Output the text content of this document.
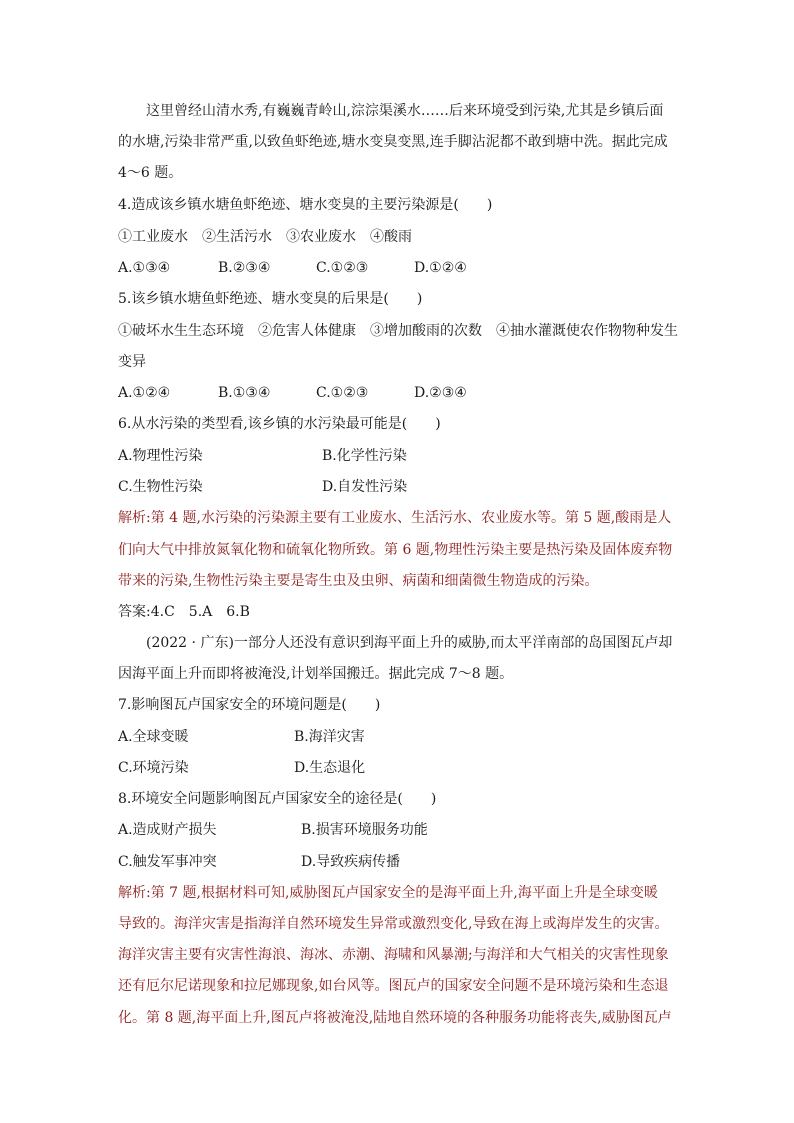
这里曾经山清水秀,有巍巍青岭山,淙淙渠溪水……后来环境受到污染,尤其是乡镇后面
的水塘,污染非常严重,以致鱼虾绝迹,塘水变臭变黑,连手脚沾泥都不敢到塘中洗。据此完成
4～6 题。
4.造成该乡镇水塘鱼虾绝迹、塘水变臭的主要污染源是(　　)
①工业废水　②生活污水　③农业废水　④酸雨
A.①③④	B.②③④	C.①②③	D.①②④
5.该乡镇水塘鱼虾绝迹、塘水变臭的后果是(　　)
①破坏水生生态环境　②危害人体健康　③增加酸雨的次数　④抽水灌溉使农作物物种发生
变异
A.①②④	B.①③④	C.①②③	D.②③④
6.从水污染的类型看,该乡镇的水污染最可能是(　　)
A.物理性污染	B.化学性污染
C.生物性污染	D.自发性污染
解析:第 4 题,水污染的污染源主要有工业废水、生活污水、农业废水等。第 5 题,酸雨是人
们向大气中排放氮氧化物和硫氧化物所致。第 6 题,物理性污染主要是热污染及固体废弃物
带来的污染,生物性污染主要是寄生虫及虫卵、病菌和细菌微生物造成的污染。
答案:4.C　5.A　6.B
(2022 · 广东)一部分人还没有意识到海平面上升的威胁,而太平洋南部的岛国图瓦卢却
因海平面上升而即将被淹没,计划举国搬迁。据此完成 7～8 题。
7.影响图瓦卢国家安全的环境问题是(　　)
A.全球变暖	B.海洋灾害
C.环境污染	D.生态退化
8.环境安全问题影响图瓦卢国家安全的途径是(　　)
A.造成财产损失	B.损害环境服务功能
C.触发军事冲突	D.导致疾病传播
解析:第 7 题,根据材料可知,威胁图瓦卢国家安全的是海平面上升,海平面上升是全球变暖
导致的。海洋灾害是指海洋自然环境发生异常或激烈变化,导致在海上或海岸发生的灾害。
海洋灾害主要有灾害性海浪、海冰、赤潮、海啸和风暴潮;与海洋和大气相关的灾害性现象
还有厄尔尼诺现象和拉尼娜现象,如台风等。图瓦卢的国家安全问题不是环境污染和生态退
化。第 8 题,海平面上升,图瓦卢将被淹没,陆地自然环境的各种服务功能将丧失,威胁图瓦卢
